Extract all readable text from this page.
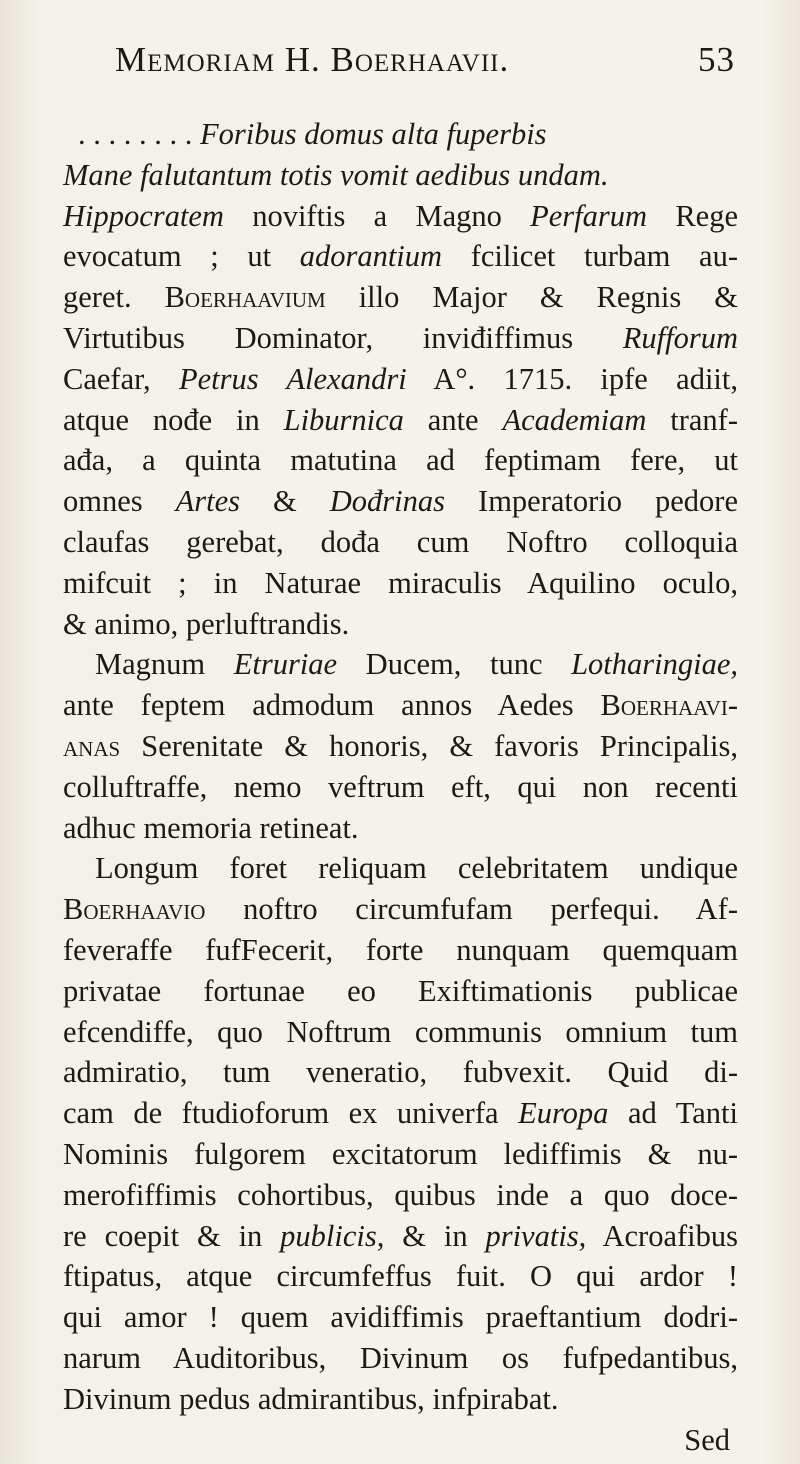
Memoriam H. Boerhaavii.	53
. . . . . . . . Foribus domus alta fuperbis
Mane falutantum totis vomit aedibus undam.
Hippocratem noviftis a Magno Perfarum Rege
evocatum ; ut adorantium fcilicet turbam au-
geret. Boerhaavium illo Major & Regnis &
Virtutibus Dominator, inviđiffimus Rufforum
Caefar, Petrus Alexandri A°. 1715. ipfe adiit,
atque nođe in Liburnica ante Academiam tranf-
ađa, a quinta matutina ad feptimam fere, ut
omnes Artes & Dođrinas Imperatorio pedore
claufas gerebat, dođa cum Noftro colloquia
mifcuit ; in Naturae miraculis Aquilino oculo,
& animo, perluftrandis.
Magnum Etruriae Ducem, tunc Lotharingiae,
ante feptem admodum annos Aedes Boerhaavi-
anas Serenitate & honoris, & favoris Principalis,
colluftraffe, nemo veftrum eft, qui non recenti
adhuc memoria retineat.
Longum foret reliquam celebritatem undique
Boerhaavio noftro circumfufam perfequi. Af-
feveraffe fufFecerit, forte nunquam quemquam
privatae fortunae eo Exiftimationis publicae
efcendiffe, quo Noftrum communis omnium tum
admiratio, tum veneratio, fubvexit. Quid di-
cam de ftudioforum ex univerfa Europa ad Tanti
Nominis fulgorem excitatorum lediffimis & nu-
merofiffimis cohortibus, quibus inde a quo doce-
re coepit & in publicis, & in privatis, Acroafibus
ftipatus, atque circumfeffus fuit. O qui ardor !
qui amor ! quem avidiffimis praeftantium dodri-
narum Auditoribus, Divinum os fufpedantibus,
Divinum pedus admirantibus, infpirabat.
Sed
